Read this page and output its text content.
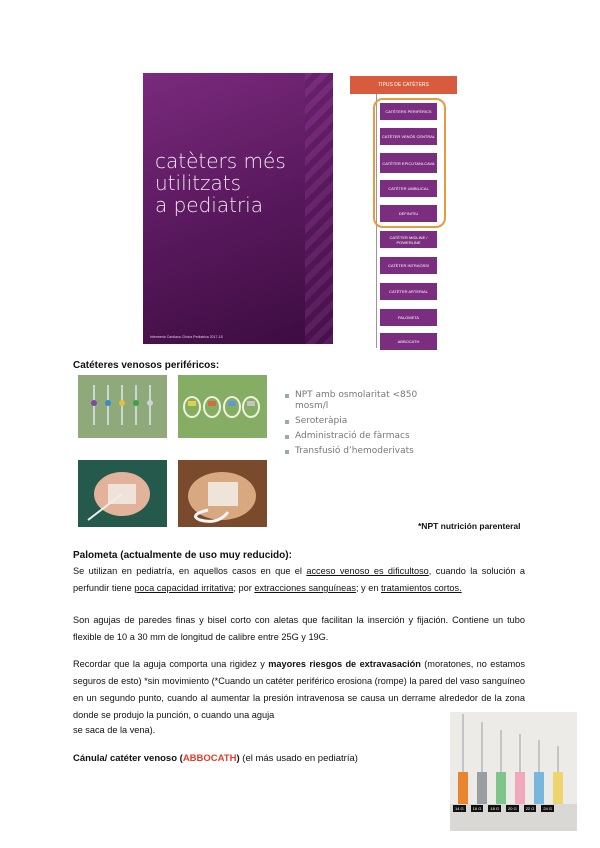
catèters més
utilitzats
a pediatria
Infermeria Cardiaca Clinica Pediatrica 2017-18
TIPUS DE CATÈTERS
CATÈTERS PERIFÈRICS
CATÈTER VENÓS CENTRAL
CATÈTER EPICUTANI-CAVA
CATÈTER UMBILICAL
DEFINITIU
CATÈTER MIDLINE / POWERLINE
CATÈTER INTRAÒSSI
CATÈTER ARTERIAL
PALOMETA
ABBOCATH
Catéteres venosos periféricos:
NPT amb osmolaritat <850 mosm/l
Seroteràpia
Administració de fàrmacs
Transfusió d’hemoderivats
*NPT nutrición parenteral
Palometa (actualmente de uso muy reducido):
Se utilizan en pediatría, en aquellos casos en que el acceso venoso es dificultoso, cuando la solución a perfundir tiene poca capacidad irritativa; por extracciones sanguíneas; y en tratamientos cortos.
Son agujas de paredes finas y bisel corto con aletas que facilitan la inserción y fijación. Contiene un tubo flexible de 10 a 30 mm de longitud de calibre entre 25G y 19G.
Recordar que la aguja comporta una rigidez y mayores riesgos de extravasación (moratones, no estamos seguros de esto) *sin movimiento (*Cuando un catéter periférico erosiona (rompe) la pared del vaso sanguíneo en un segundo punto, cuando al aumentar la presión intravenosa se causa un derrame alrededor de la zona donde se produjo la punción, o cuando una aguja
se saca de la vena).
Cánula/ catéter venoso (ABBOCATH) (el más usado en pediatría)
14 G	16 G	18 G	20 G	22 G	24 G
